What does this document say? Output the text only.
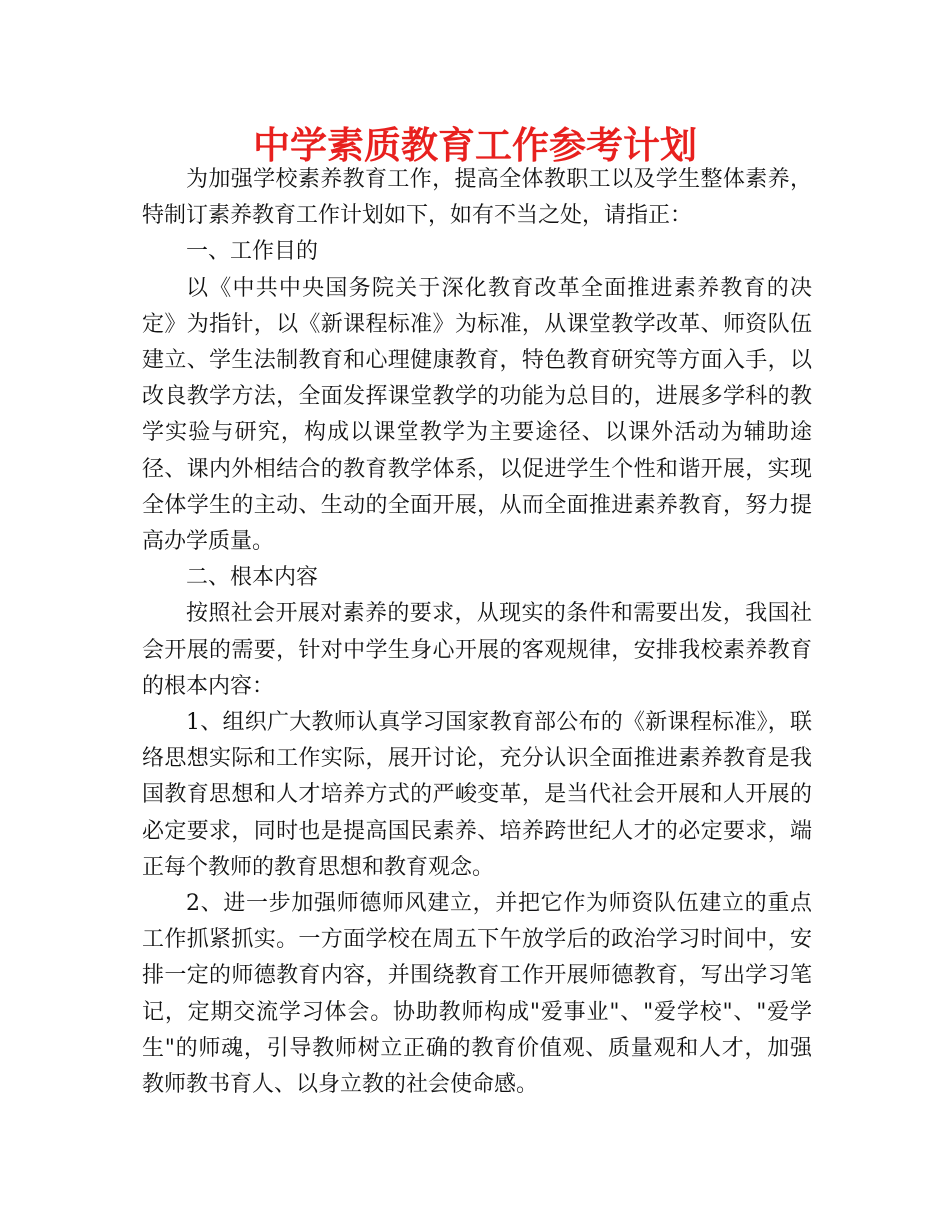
中学素质教育工作参考计划

为加强学校素养教育工作，提高全体教职工以及学生整体素养，特制订素养教育工作计划如下，如有不当之处，请指正：

一、工作目的

以《中共中央国务院关于深化教育改革全面推进素养教育的决定》为指针，以《新课程标准》为标准，从课堂教学改革、师资队伍建立、学生法制教育和心理健康教育，特色教育研究等方面入手，以改良教学方法，全面发挥课堂教学的功能为总目的，进展多学科的教学实验与研究，构成以课堂教学为主要途径、以课外活动为辅助途径、课内外相结合的教育教学体系，以促进学生个性和谐开展，实现全体学生的主动、生动的全面开展，从而全面推进素养教育，努力提高办学质量。

二、根本内容

按照社会开展对素养的要求，从现实的条件和需要出发，我国社会开展的需要，针对中学生身心开展的客观规律，安排我校素养教育的根本内容：

1、组织广大教师认真学习国家教育部公布的《新课程标准》，联络思想实际和工作实际，展开讨论，充分认识全面推进素养教育是我国教育思想和人才培养方式的严峻变革，是当代社会开展和人开展的必定要求，同时也是提高国民素养、培养跨世纪人才的必定要求，端正每个教师的教育思想和教育观念。

2、进一步加强师德师风建立，并把它作为师资队伍建立的重点工作抓紧抓实。一方面学校在周五下午放学后的政治学习时间中，安排一定的师德教育内容，并围绕教育工作开展师德教育，写出学习笔记，定期交流学习体会。协助教师构成"爱事业"、"爱学校"、"爱学生"的师魂，引导教师树立正确的教育价值观、质量观和人才，加强教师教书育人、以身立教的社会使命感。
